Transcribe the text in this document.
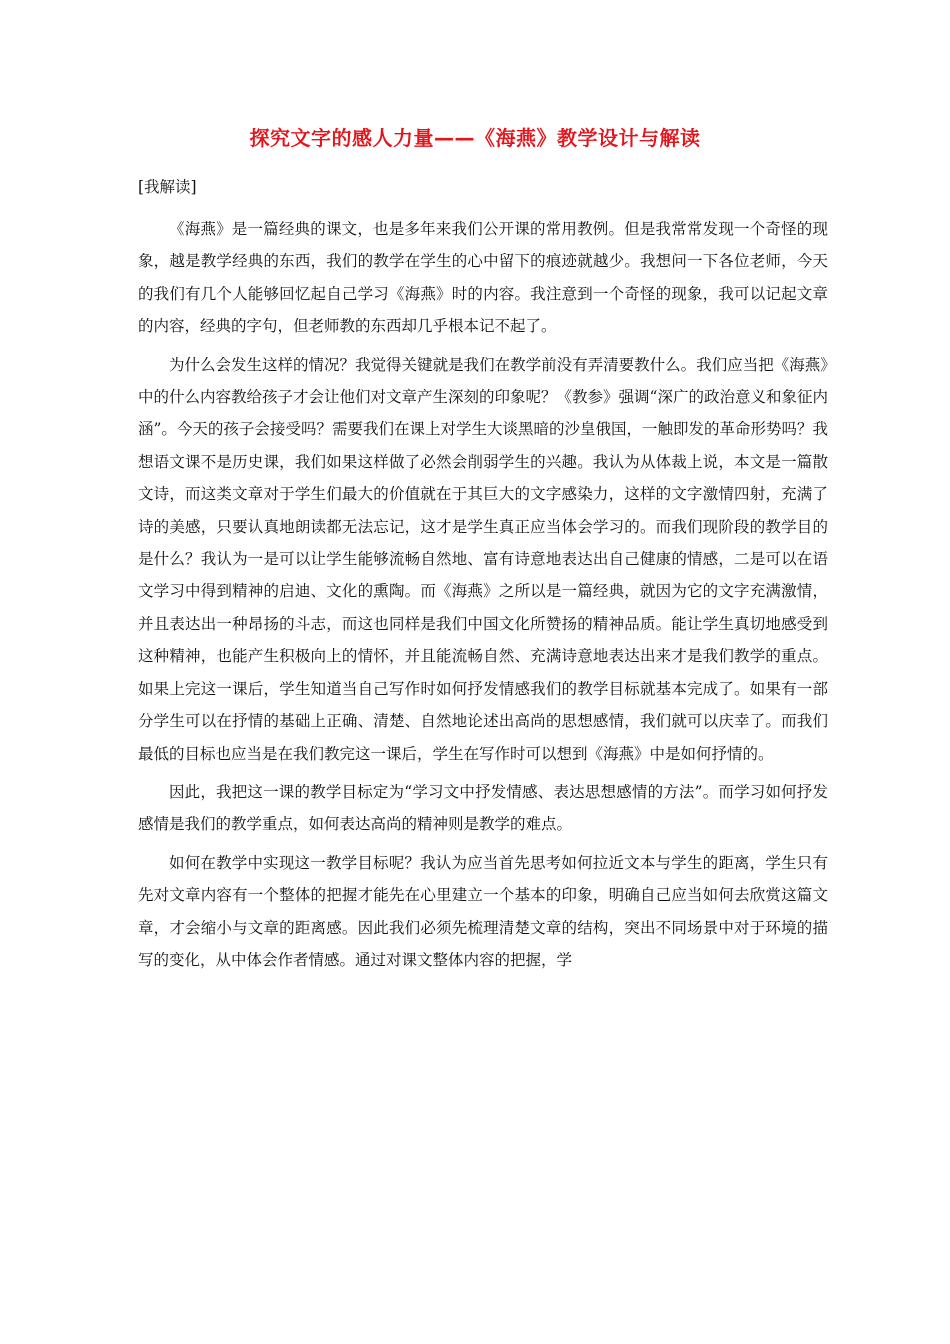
探究文字的感人力量——《海燕》教学设计与解读
[我解读]

《海燕》是一篇经典的课文，也是多年来我们公开课的常用教例。但是我常常发现一个奇怪的现象，越是教学经典的东西，我们的教学在学生的心中留下的痕迹就越少。我想问一下各位老师，今天的我们有几个人能够回忆起自己学习《海燕》时的内容。我注意到一个奇怪的现象，我可以记起文章的内容，经典的字句，但老师教的东西却几乎根本记不起了。

为什么会发生这样的情况？我觉得关键就是我们在教学前没有弄清要教什么。我们应当把《海燕》中的什么内容教给孩子才会让他们对文章产生深刻的印象呢？《教参》强调“深广的政治意义和象征内涵”。今天的孩子会接受吗？需要我们在课上对学生大谈黑暗的沙皇俄国，一触即发的革命形势吗？我想语文课不是历史课，我们如果这样做了必然会削弱学生的兴趣。我认为从体裁上说，本文是一篇散文诗，而这类文章对于学生们最大的价值就在于其巨大的文字感染力，这样的文字激情四射，充满了诗的美感，只要认真地朗读都无法忘记，这才是学生真正应当体会学习的。而我们现阶段的教学目的是什么？我认为一是可以让学生能够流畅自然地、富有诗意地表达出自己健康的情感，二是可以在语文学习中得到精神的启迪、文化的熏陶。而《海燕》之所以是一篇经典，就因为它的文字充满激情，并且表达出一种昂扬的斗志，而这也同样是我们中国文化所赞扬的精神品质。能让学生真切地感受到这种精神，也能产生积极向上的情怀，并且能流畅自然、充满诗意地表达出来才是我们教学的重点。如果上完这一课后，学生知道当自己写作时如何抒发情感我们的教学目标就基本完成了。如果有一部分学生可以在抒情的基础上正确、清楚、自然地论述出高尚的思想感情，我们就可以庆幸了。而我们最低的目标也应当是在我们教完这一课后，学生在写作时可以想到《海燕》中是如何抒情的。

因此，我把这一课的教学目标定为“学习文中抒发情感、表达思想感情的方法”。而学习如何抒发感情是我们的教学重点，如何表达高尚的精神则是教学的难点。

如何在教学中实现这一教学目标呢？我认为应当首先思考如何拉近文本与学生的距离，学生只有先对文章内容有一个整体的把握才能先在心里建立一个基本的印象，明确自己应当如何去欣赏这篇文章，才会缩小与文章的距离感。因此我们必须先梳理清楚文章的结构，突出不同场景中对于环境的描写的变化，从中体会作者情感。通过对课文整体内容的把握，学
